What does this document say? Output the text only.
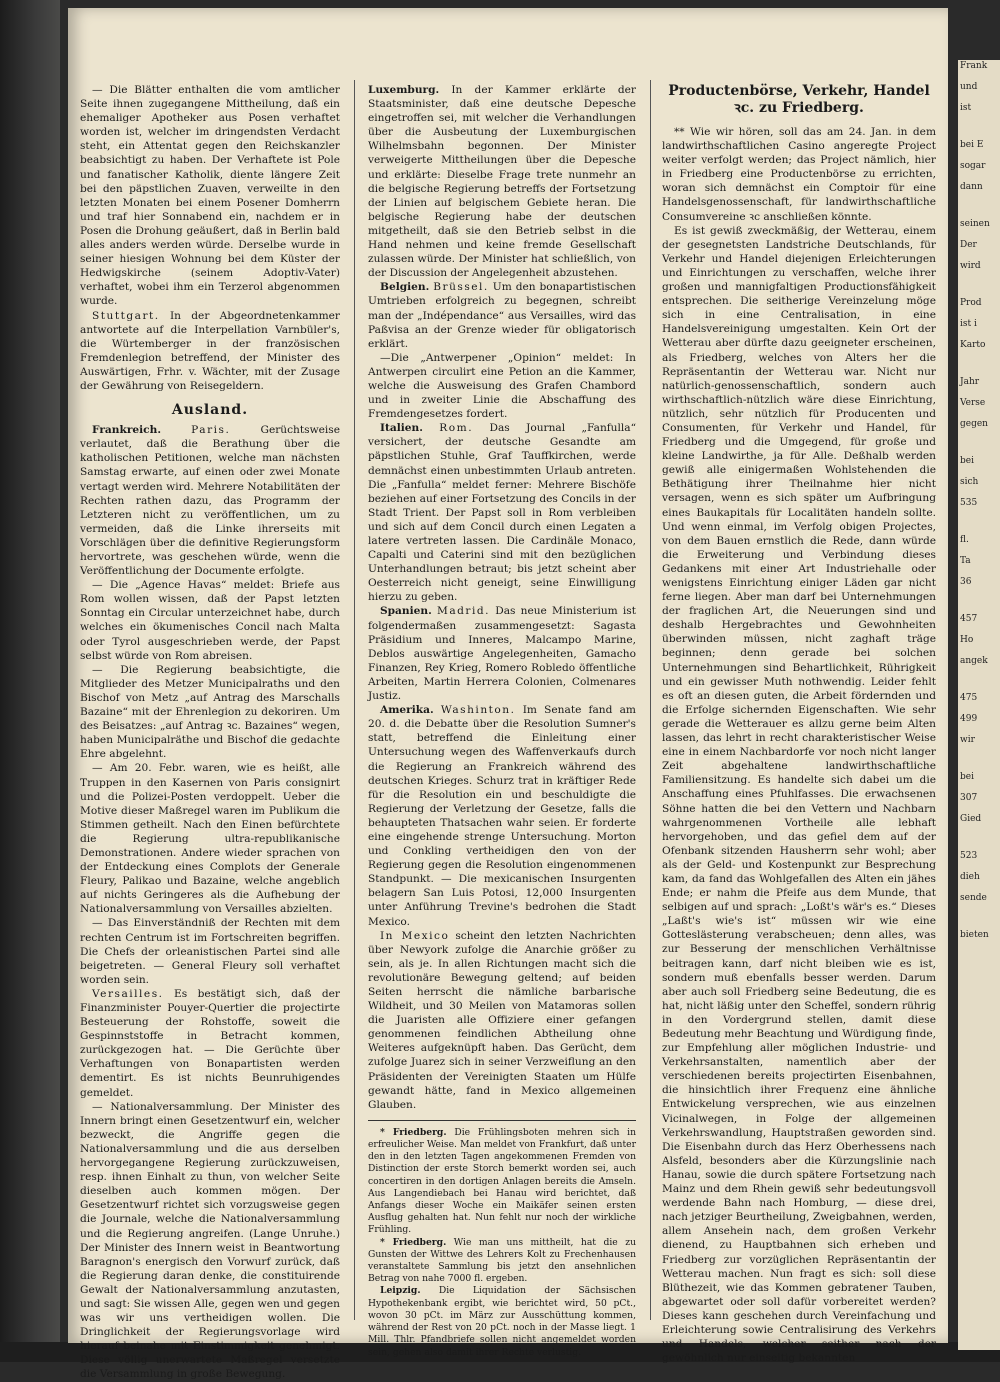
— Die Blätter enthalten die vom amtlicher Seite ihnen zugegangene Mittheilung, daß ein ehemaliger Apotheker aus Posen verhaftet worden ist, welcher im dringendsten Verdacht steht, ein Attentat gegen den Reichskanzler beabsichtigt zu haben. Der Verhaftete ist Pole und fanatischer Katholik, diente längere Zeit bei den päpstlichen Zuaven, verweilte in den letzten Monaten bei einem Posener Domherrn und traf hier Sonnabend ein, nachdem er in Posen die Drohung geäußert, daß in Berlin bald alles anders werden würde. Derselbe wurde in seiner hiesigen Wohnung bei dem Küster der Hedwigskirche (seinem Adoptiv-Vater) verhaftet, wobei ihm ein Terzerol abgenommen wurde.

Stuttgart. In der Abgeordnetenkammer antwortete auf die Interpellation Varnbüler's, die Würtemberger in der französischen Fremdenlegion betreffend, der Minister des Auswärtigen, Frhr. v. Wächter, mit der Zusage der Gewährung von Reisegeldern.

Ausland.

Frankreich.	Paris.	Gerüchtsweise verlautet, daß die Berathung über die katholischen Petitionen, welche man nächsten Samstag erwarte, auf einen oder zwei Monate vertagt werden wird. Mehrere Notabilitäten der Rechten rathen dazu, das Programm der Letzteren nicht zu veröffentlichen, um zu vermeiden, daß die Linke ihrerseits mit Vorschlägen über die definitive Regierungsform hervortrete, was geschehen würde, wenn die Veröffentlichung der Documente erfolgte.

— Die „Agence Havas“ meldet: Briefe aus Rom wollen wissen, daß der Papst letzten Sonntag ein Circular unterzeichnet habe, durch welches ein ökumenisches Concil nach Malta oder Tyrol ausgeschrieben werde, der Papst selbst würde von Rom abreisen.

— Die Regierung beabsichtigte, die Mitglieder des Metzer Municipalraths und den Bischof von Metz „auf Antrag des Marschalls Bazaine“ mit der Ehrenlegion zu dekoriren. Um des Beisatzes: „auf Antrag ꝛc. Bazaines“ wegen, haben Municipalräthe und Bischof die gedachte Ehre abgelehnt.

— Am 20. Febr. waren, wie es heißt, alle Truppen in den Kasernen von Paris consignirt und die Polizei-Posten verdoppelt. Ueber die Motive dieser Maßregel waren im Publikum die Stimmen getheilt. Nach den Einen befürchtete die Regierung ultra-republikanische Demonstrationen. Andere wieder sprachen von der Entdeckung eines Complots der Generale Fleury, Palikao und Bazaine, welche angeblich auf nichts Geringeres als die Aufhebung der Nationalversammlung von Versailles abzielten.

— Das Einverständniß der Rechten mit dem rechten Centrum ist im Fortschreiten begriffen. Die Chefs der orleanistischen Partei sind alle beigetreten. — General Fleury soll verhaftet worden sein.

Versailles. Es bestätigt sich, daß der Finanzminister Pouyer-Quertier die projectirte Besteuerung der Rohstoffe, soweit die Gespinnststoffe in Betracht kommen, zurückgezogen hat. — Die Gerüchte über Verhaftungen von Bonapartisten werden dementirt. Es ist nichts Beunruhigendes gemeldet.

— Nationalversammlung. Der Minister des Innern bringt einen Gesetzentwurf ein, welcher bezweckt, die Angriffe gegen die Nationalversammlung und die aus derselben hervorgegangene Regierung zurückzuweisen, resp. ihnen Einhalt zu thun, von welcher Seite dieselben auch kommen mögen. Der Gesetzentwurf richtet sich vorzugsweise gegen die Journale, welche die Nationalversammlung und die Regierung angreifen. (Lange Unruhe.) Der Minister des Innern weist in Beantwortung Baragnon's energisch den Vorwurf zurück, daß die Regierung daran denke, die constituirende Gewalt der Nationalversammlung anzutasten, und sagt: Sie wissen Alle, gegen wen und gegen was wir uns vertheidigen wollen. Die Dringlichkeit der Regierungsvorlage wird hierauf beinahe mit Einstimmigkeit genehmigt. Diese völlig unerwartete Maßregel versetzte die Versammlung in große Bewegung.

Luxemburg. In der Kammer erklärte der Staatsminister, daß eine deutsche Depesche eingetroffen sei, mit welcher die Verhandlungen über die Ausbeutung der Luxemburgischen Wilhelmsbahn begonnen. Der Minister verweigerte Mittheilungen über die Depesche und erklärte: Dieselbe Frage trete nunmehr an die belgische Regierung betreffs der Fortsetzung der Linien auf belgischem Gebiete heran. Die belgische Regierung habe der deutschen mitgetheilt, daß sie den Betrieb selbst in die Hand nehmen und keine fremde Gesellschaft zulassen würde. Der Minister hat schließlich, von der Discussion der Angelegenheit abzustehen.

Belgien. Brüssel. Um den bonapartistischen Umtrieben erfolgreich zu begegnen, schreibt man der „Indépendance“ aus Versailles, wird das Paßvisa an der Grenze wieder für obligatorisch erklärt.

—Die „Antwerpener „Opinion“ meldet: In Antwerpen circulirt eine Petion an die Kammer, welche die Ausweisung des Grafen Chambord und in zweiter Linie die Abschaffung des Fremdengesetzes fordert.

Italien. Rom. Das Journal „Fanfulla“ versichert, der deutsche Gesandte am päpstlichen Stuhle, Graf Tauffkirchen, werde demnächst einen unbestimmten Urlaub antreten. Die „Fanfulla“ meldet ferner: Mehrere Bischöfe beziehen auf einer Fortsetzung des Concils in der Stadt Trient. Der Papst soll in Rom verbleiben und sich auf dem Concil durch einen Legaten a latere vertreten lassen. Die Cardinäle Monaco, Capalti und Caterini sind mit den bezüglichen Unterhandlungen betraut; bis jetzt scheint aber Oesterreich nicht geneigt, seine Einwilligung hierzu zu geben.

Spanien. Madrid. Das neue Ministerium ist folgendermaßen zusammengesetzt: Sagasta Präsidium und Inneres, Malcampo Marine, Deblos auswärtige Angelegenheiten, Gamacho Finanzen, Rey Krieg, Romero Robledo öffentliche Arbeiten, Martin Herrera Colonien, Colmenares Justiz.

Amerika. Washinton. Im Senate fand am 20. d. die Debatte über die Resolution Sumner's statt, betreffend die Einleitung einer Untersuchung wegen des Waffenverkaufs durch die Regierung an Frankreich während des deutschen Krieges. Schurz trat in kräftiger Rede für die Resolution ein und beschuldigte die Regierung der Verletzung der Gesetze, falls die behaupteten Thatsachen wahr seien. Er forderte eine eingehende strenge Untersuchung. Morton und Conkling vertheidigen den von der Regierung gegen die Resolution eingenommenen Standpunkt. — Die mexicanischen Insurgenten belagern San Luis Potosi, 12,000 Insurgenten unter Anführung Trevine's bedrohen die Stadt Mexico.

In Mexico scheint den letzten Nachrichten über Newyork zufolge die Anarchie größer zu sein, als je. In allen Richtungen macht sich die revolutionäre Bewegung geltend; auf beiden Seiten herrscht die nämliche barbarische Wildheit, und 30 Meilen von Matamoras sollen die Juaristen alle Offiziere einer gefangen genommenen feindlichen Abtheilung ohne Weiteres aufgeknüpft haben. Das Gerücht, dem zufolge Juarez sich in seiner Verzweiflung an den Präsidenten der Vereinigten Staaten um Hülfe gewandt hätte, fand in Mexico allgemeinen Glauben.

* Friedberg. Die Frühlingsboten mehren sich in erfreulicher Weise. Man meldet von Frankfurt, daß unter den in den letzten Tagen angekommenen Fremden von Distinction der erste Storch bemerkt worden sei, auch concertiren in den dortigen Anlagen bereits die Amseln. Aus Langendiebach bei Hanau wird berichtet, daß Anfangs dieser Woche ein Maikäfer seinen ersten Ausflug gehalten hat. Nun fehlt nur noch der wirkliche Frühling.

* Friedberg. Wie man uns mittheilt, hat die zu Gunsten der Wittwe des Lehrers Kolt zu Frechenhausen veranstaltete Sammlung bis jetzt den ansehnlichen Betrag von nahe 7000 fl. ergeben.

Leipzig. Die Liquidation der Sächsischen Hypothekenbank ergibt, wie berichtet wird, 50 pCt., wovon 30 pCt. im März zur Ausschüttung kommen, während der Rest von 20 pCt. noch in der Masse liegt. 1 Mill. Thlr. Pfandbriefe sollen nicht angemeldet worden sein, gehen also damit ihrer Rechte verlustig.

Productenbörse, Verkehr, Handel ꝛc. zu Friedberg.

** Wie wir hören, soll das am 24. Jan. in dem landwirthschaftlichen Casino angeregte Project weiter verfolgt werden; das Project nämlich, hier in Friedberg eine Productenbörse zu errichten, woran sich demnächst ein Comptoir für eine Handelsgenossenschaft, für landwirthschaftliche Consumvereine ꝛc anschließen könnte.

Es ist gewiß zweckmäßig, der Wetterau, einem der gesegnetsten Landstriche Deutschlands, für Verkehr und Handel diejenigen Erleichterungen und Einrichtungen zu verschaffen, welche ihrer großen und mannigfaltigen Productionsfähigkeit entsprechen. Die seitherige Vereinzelung möge sich in eine Centralisation, in eine Handelsvereinigung umgestalten. Kein Ort der Wetterau aber dürfte dazu geeigneter erscheinen, als Friedberg, welches von Alters her die Repräsentantin der Wetterau war. Nicht nur natürlich-genossenschaftlich, sondern auch wirthschaftlich-nützlich wäre diese Einrichtung, nützlich, sehr nützlich für Producenten und Consumenten, für Verkehr und Handel, für Friedberg und die Umgegend, für große und kleine Landwirthe, ja für Alle. Deßhalb werden gewiß alle einigermaßen Wohlstehenden die Bethätigung ihrer Theilnahme hier nicht versagen, wenn es sich später um Aufbringung eines Baukapitals für Localitäten handeln sollte. Und wenn einmal, im Verfolg obigen Projectes, von dem Bauen ernstlich die Rede, dann würde die Erweiterung und Verbindung dieses Gedankens mit einer Art Industriehalle oder wenigstens Einrichtung einiger Läden gar nicht ferne liegen. Aber man darf bei Unternehmungen der fraglichen Art, die Neuerungen sind und deshalb Hergebrachtes und Gewohnheiten überwinden müssen, nicht zaghaft träge beginnen; denn gerade bei solchen Unternehmungen sind Behartlichkeit, Rührigkeit und ein gewisser Muth nothwendig. Leider fehlt es oft an diesen guten, die Arbeit fördernden und die Erfolge sichernden Eigenschaften. Wie sehr gerade die Wetterauer es allzu gerne beim Alten lassen, das lehrt in recht charakteristischer Weise eine in einem Nachbardorfe vor noch nicht langer Zeit abgehaltene landwirthschaftliche Familiensitzung. Es handelte sich dabei um die Anschaffung eines Pfuhlfasses. Die erwachsenen Söhne hatten die bei den Vettern und Nachbarn wahrgenommenen Vortheile alle lebhaft hervorgehoben, und das gefiel dem auf der Ofenbank sitzenden Hausherrn sehr wohl; aber als der Geld- und Kostenpunkt zur Besprechung kam, da fand das Wohlgefallen des Alten ein jähes Ende; er nahm die Pfeife aus dem Munde, that selbigen auf und sprach: „Loßt's wär's es.“ Dieses „Laßt's wie's ist“ müssen wir wie eine Gotteslästerung verabscheuen; denn alles, was zur Besserung der menschlichen Verhältnisse beitragen kann, darf nicht bleiben wie es ist, sondern muß ebenfalls besser werden. Darum aber auch soll Friedberg seine Bedeutung, die es hat, nicht läßig unter den Scheffel, sondern rührig in den Vordergrund stellen, damit diese Bedeutung mehr Beachtung und Würdigung finde, zur Empfehlung aller möglichen Industrie- und Verkehrsanstalten, namentlich aber der verschiedenen bereits projectirten Eisenbahnen, die hinsichtlich ihrer Frequenz eine ähnliche Entwickelung versprechen, wie aus einzelnen Vicinalwegen, in Folge der allgemeinen Verkehrswandlung, Hauptstraßen geworden sind. Die Eisenbahn durch das Herz Oberhessens nach Alsfeld, besonders aber die Kürzungslinie nach Hanau, sowie die durch spätere Fortsetzung nach Mainz und dem Rhein gewiß sehr bedeutungsvoll werdende Bahn nach Homburg, — diese drei, nach jetziger Beurtheilung, Zweigbahnen, werden, allem Ansehein nach, dem großen Verkehr dienend, zu Hauptbahnen sich erheben und Friedberg zur vorzüglichen Repräsentantin der Wetterau machen. Nun fragt es sich: soll diese Blüthezeit, wie das Kommen gebratener Tauben, abgewartet oder soll dafür vorbereitet werden? Dieses kann geschehen durch Vereinfachung und Erleichterung sowie Centralisirung des Verkehrs und Handels, welcher seither nach der gewöhnlich nur einseitig bekannten

Frank
und
ist
bei E
sogar
dann
seinen
Der
wird
Prod
ist i
Karto
Jahr
Verse
gegen
bei
sich
535
fl.
Ta
36
457
Ho
angek
475
499
wir
bei
307
Gied
523
dieh
sende
bieten
